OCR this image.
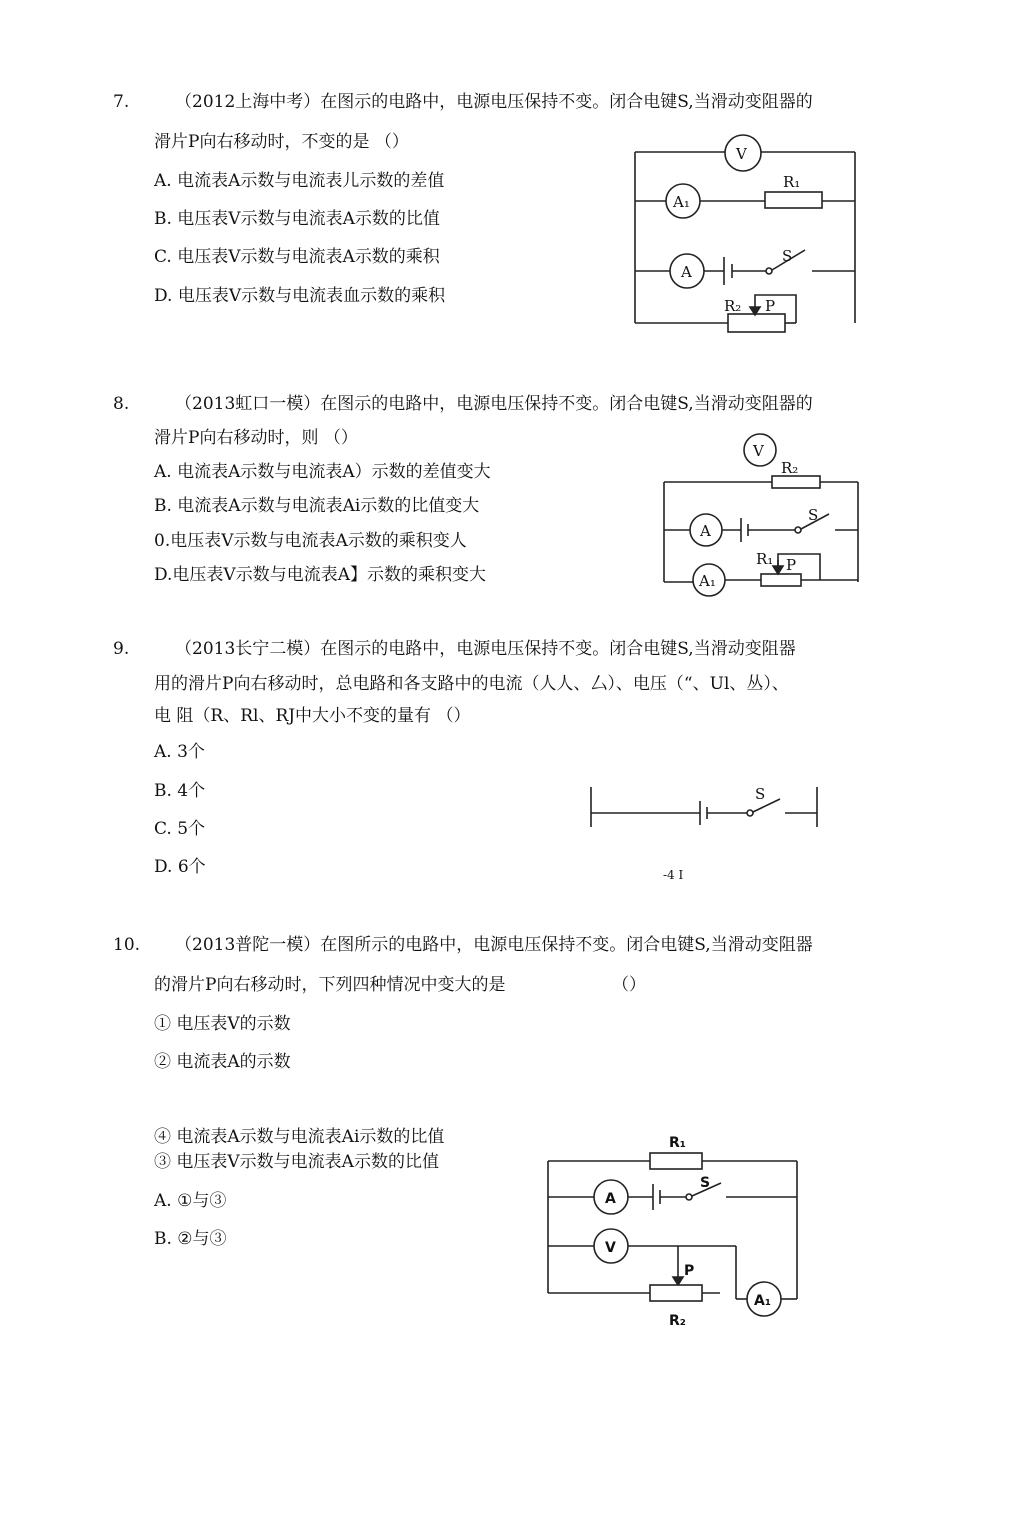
7.	（2012上海中考）在图示的电路中，电源电压保持不变。闭合电键S,当滑动变阻器的
滑片P向右移动时，不变的是 （）
A. 电流表A示数与电流表儿示数的差值
B. 电压表V示数与电流表A示数的比值
C. 电压表V示数与电流表A示数的乘积
D. 电压表V示数与电流表血示数的乘积
V
A₁
R₁
A
S
R₂ P
8.	（2013虹口一模）在图示的电路中，电源电压保持不变。闭合电键S,当滑动变阻器的
滑片P向右移动时，则 （）
A. 电流表A示数与电流表A）示数的差值变大
B. 电流表A示数与电流表Ai示数的比值变大
0.电压表V示数与电流表A示数的乘积变人
D.电压表V示数与电流表A】示数的乘积变大
V
R₂
A
S
A₁
R₁ P
9.	（2013长宁二模）在图示的电路中，电源电压保持不变。闭合电键S,当滑动变阻器
用的滑片P向右移动时，总电路和各支路中的电流（人人、厶）、电压（“、Ul、丛）、
电 阻（R、Rl、RJ中大小不变的量有 （）
A. 3个
B. 4个
C. 5个
D. 6个
S
-4 I
10. （2013普陀一模）在图所示的电路中，电源电压保持不变。闭合电键S,当滑动变阻器
的滑片P向右移动时，下列四种情况中变大的是	（）
① 电压表V的示数
② 电流表A的示数
④ 电流表A示数与电流表Ai示数的比值
③ 电压表V示数与电流表A示数的比值
A. ①与③
B. ②与③
R₁
A
S
V
P
R₂
A₁
